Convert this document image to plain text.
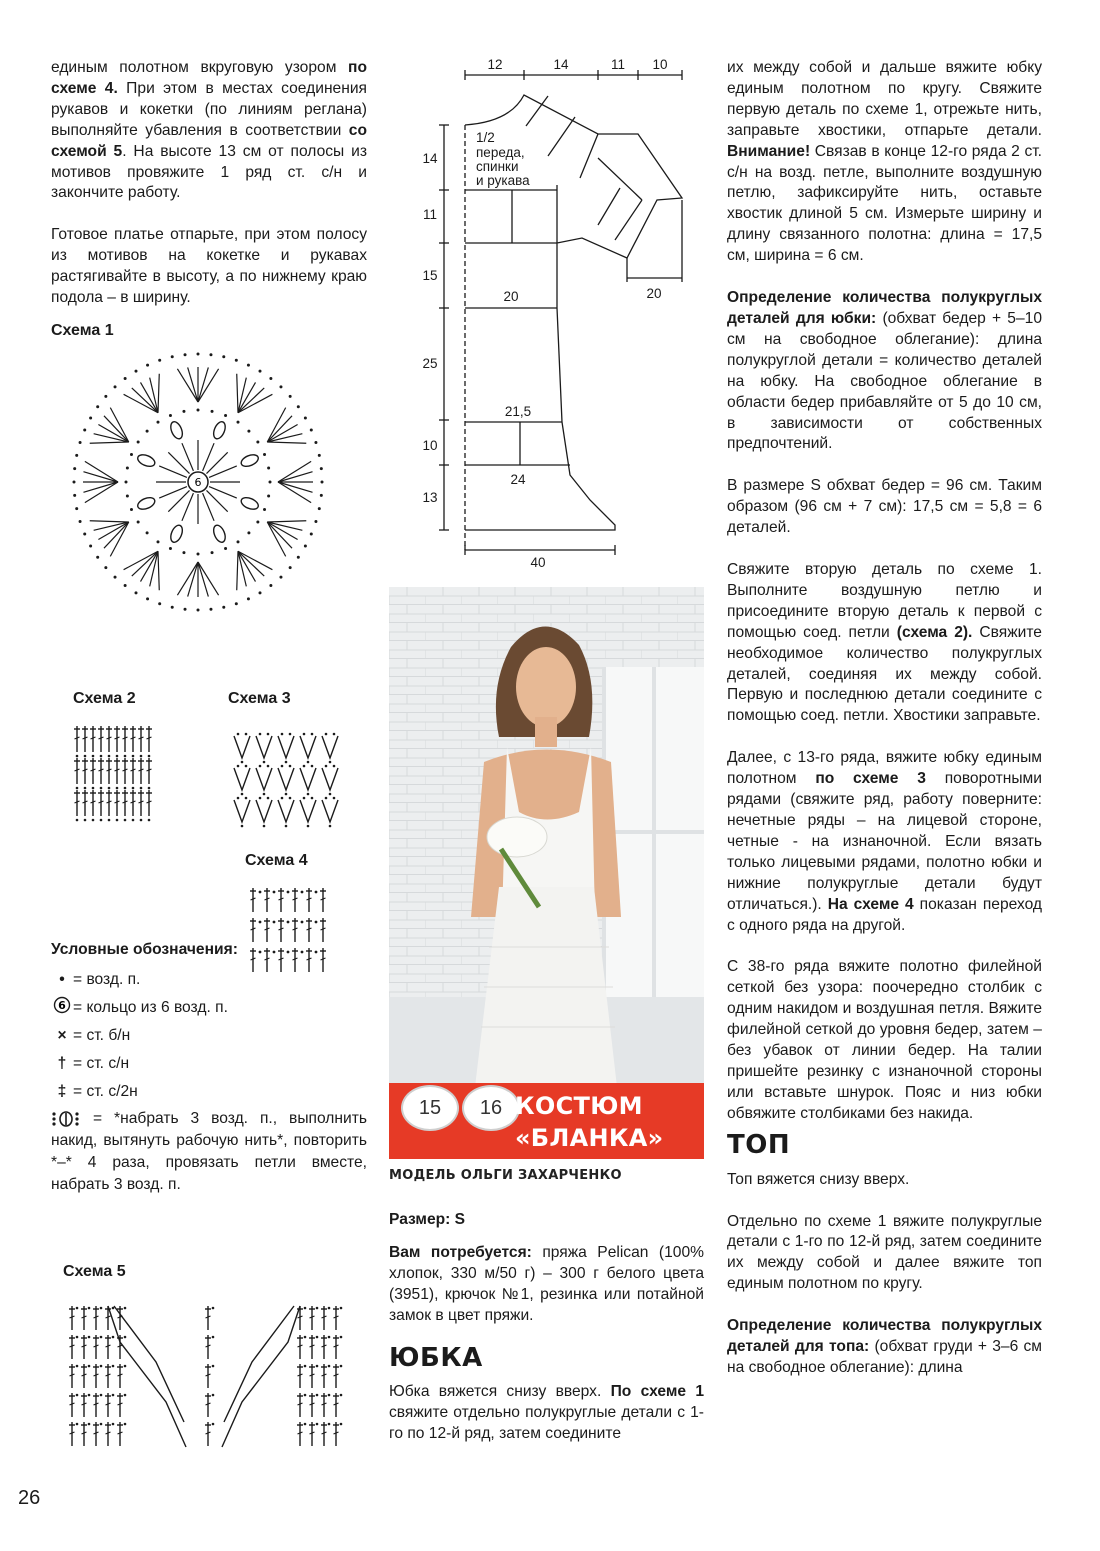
единым полотном вкруговую узором по схеме 4. При этом в местах соединения рукавов и кокетки (по линиям реглана) выполняйте убавления в соответствии со схемой 5. На высоте 13 см от полосы из мотивов провяжите 1 ряд ст. с/н и закончите работу.

Готовое платье отпарьте, при этом полосу из мотивов на кокетке и рукавах растягивайте в высоту, а по нижнему краю подола – в ширину.

Схема 1
6
Схема 2	Схема 3
Схема 4
Условные обозначения:
• = возд. п.
6 = кольцо из 6 возд. п.
× = ст. б/н
† = ст. с/н
‡ = ст. с/2н
= *набрать 3 возд. п., выполнить накид, вытянуть рабочую нить*, повторить *–* 4 раза, провязать петли вместе, набрать 3 возд. п.
Схема 5
12	14	11 10
14
11
15
25
10
13
1/2
переда,
спинки
и рукава
20	20
21,5
24
40
15	16 КОСТЮМ
«БЛАНКА»
МОДЕЛЬ ОЛЬГИ ЗАХАРЧЕНКО

Размер: S

Вам потребуется: пряжа Pelican (100% хлопок, 330 м/50 г) – 300 г белого цвета (3951), крючок №1, резинка или потайной замок в цвет пряжи.

ЮБКА

Юбка вяжется снизу вверх. По схеме 1 свяжите отдельно полукруглые детали с 1-го по 12-й ряд, затем соедините

их между собой и дальше вяжите юбку единым полотном по кругу. Свяжите первую деталь по схеме 1, отрежьте нить, заправьте хвостики, отпарьте детали. Внимание! Связав в конце 12-го ряда 2 ст. с/н на возд. петле, выполните воздушную петлю, зафиксируйте нить, оставьте хвостик длиной 5 см. Измерьте ширину и длину связанного полотна: длина = 17,5 см, ширина = 6 см.

Определение количества полукруглых деталей для юбки: (обхват бедер + 5–10 см на свободное облегание): длина полукруглой детали = количество деталей на юбку. На свободное облегание в области бедер прибавляйте от 5 до 10 см, в зависимости от собственных предпочтений.

В размере S обхват бедер = 96 см. Таким образом (96 см + 7 см): 17,5 см = 5,8 = 6 деталей.

Свяжите вторую деталь по схеме 1. Выполните воздушную петлю и присоедините вторую деталь к первой с помощью соед. петли (схема 2). Свяжите необходимое количество полукруглых деталей, соединяя их между собой. Первую и последнюю детали соедините с помощью соед. петли. Хвостики заправьте.

Далее, с 13-го ряда, вяжите юбку единым полотном по схеме 3 поворотными рядами (свяжите ряд, работу поверните: нечетные ряды – на лицевой стороне, четные - на изнаночной. Если вязать только лицевыми рядами, полотно юбки и нижние полукруглые детали будут отличаться.). На схеме 4 показан переход с одного ряда на другой.

С 38-го ряда вяжите полотно филейной сеткой без узора: поочередно столбик с одним накидом и воздушная петля. Вяжите филейной сеткой до уровня бедер, затем – без убавок от линии бедер. На талии пришейте резинку с изнаночной стороны или вставьте шнурок. Пояс и низ юбки обвяжите столбиками без накида.

ТОП

Топ вяжется снизу вверх.

Отдельно по схеме 1 вяжите полукруглые детали с 1-го по 12-й ряд, затем соедините их между собой и далее вяжите топ единым полотном по кругу.

Определение количества полукруглых деталей для топа: (обхват груди + 3–6 см на свободное облегание): длина

26
